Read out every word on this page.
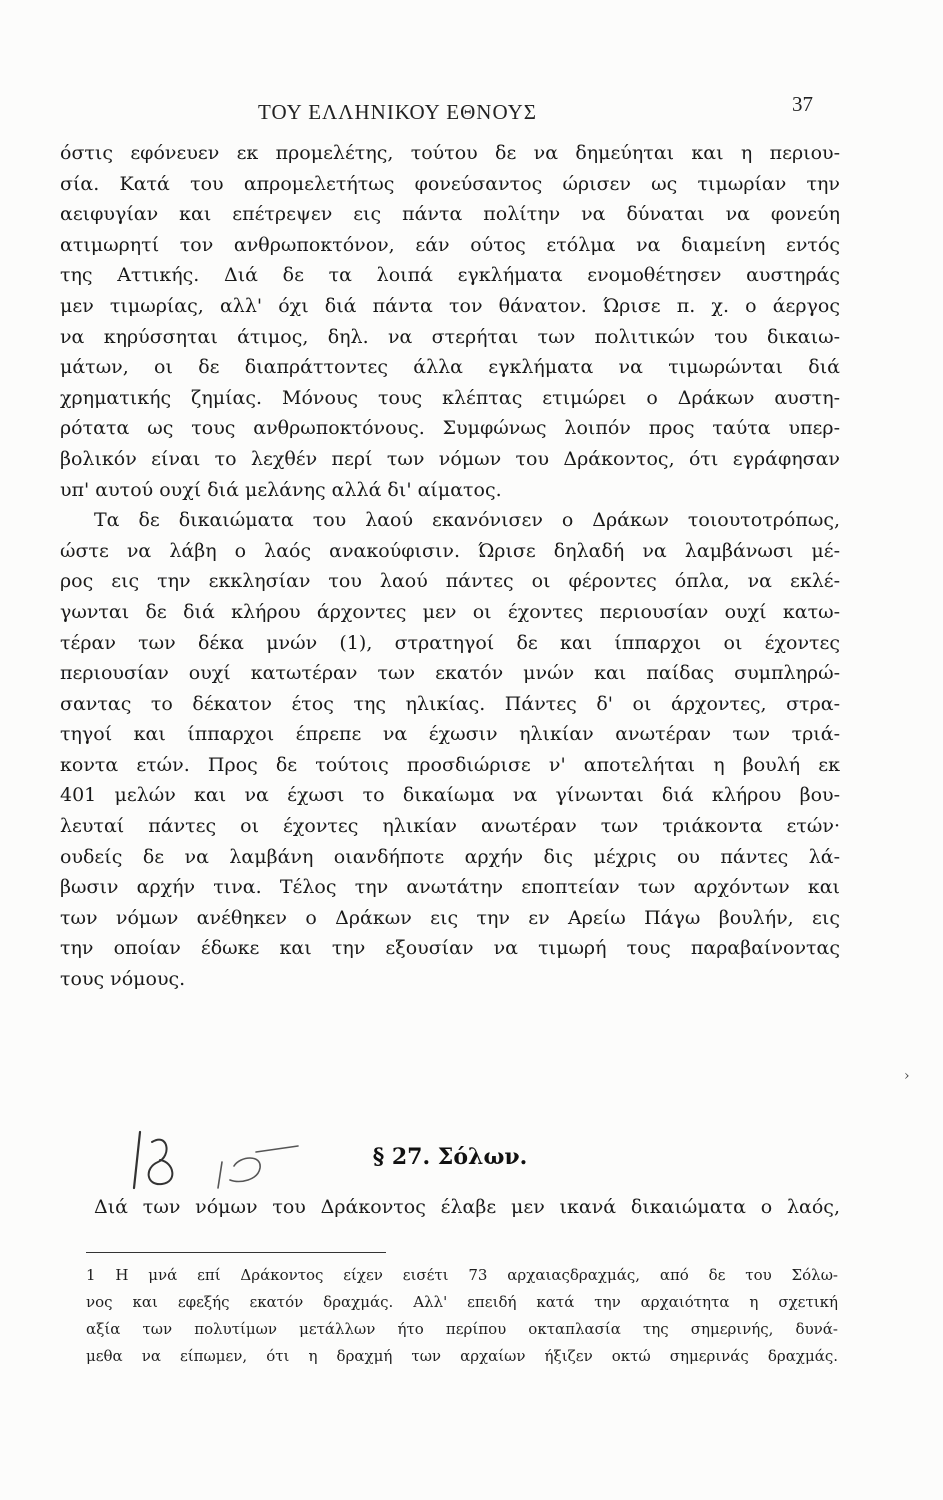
ΤΟΥ ΕΛΛΗΝΙΚΟΥ ΕΘΝΟΥΣ	37
όστις εφόνευεν εκ προμελέτης, τούτου δε να δημεύηται και η περιου-
σία. Κατά του απρομελετήτως φονεύσαντος ώρισεν ως τιμωρίαν την
αειφυγίαν και επέτρεψεν εις πάντα πολίτην να δύναται να φονεύη
ατιμωρητί τον ανθρωποκτόνον, εάν ούτος ετόλμα να διαμείνη εντός
της Αττικής. Διά δε τα λοιπά εγκλήματα ενομοθέτησεν αυστηράς
μεν τιμωρίας, αλλ' όχι διά πάντα τον θάνατον. Ώρισε π. χ. ο άεργος
να κηρύσσηται άτιμος, δηλ. να στερήται των πολιτικών του δικαιω-
μάτων, οι δε διαπράττοντες άλλα εγκλήματα να τιμωρώνται διά
χρηματικής ζημίας. Μόνους τους κλέπτας ετιμώρει ο Δράκων αυστη-
ρότατα ως τους ανθρωποκτόνους. Συμφώνως λοιπόν προς ταύτα υπερ-
βολικόν είναι το λεχθέν περί των νόμων του Δράκοντος, ότι εγράφησαν
υπ' αυτού ουχί διά μελάνης αλλά δι' αίματος.
Τα δε δικαιώματα του λαού εκανόνισεν ο Δράκων τοιουτοτρόπως,
ώστε να λάβη ο λαός ανακούφισιν. Ώρισε δηλαδή να λαμβάνωσι μέ-
ρος εις την εκκλησίαν του λαού πάντες οι φέροντες όπλα, να εκλέ-
γωνται δε διά κλήρου άρχοντες μεν οι έχοντες περιουσίαν ουχί κατω-
τέραν των δέκα μνών (1), στρατηγοί δε και ίππαρχοι οι έχοντες
περιουσίαν ουχί κατωτέραν των εκατόν μνών και παίδας συμπληρώ-
σαντας το δέκατον έτος της ηλικίας. Πάντες δ' οι άρχοντες, στρα-
τηγοί και ίππαρχοι έπρεπε να έχωσιν ηλικίαν ανωτέραν των τριά-
κοντα ετών. Προς δε τούτοις προσδιώρισε ν' αποτελήται η βουλή εκ
401 μελών και να έχωσι το δικαίωμα να γίνωνται διά κλήρου βου-
λευταί πάντες οι έχοντες ηλικίαν ανωτέραν των τριάκοντα ετών·
ουδείς δε να λαμβάνη οιανδήποτε αρχήν δις μέχρις ου πάντες λά-
βωσιν αρχήν τινα. Τέλος την ανωτάτην εποπτείαν των αρχόντων και
των νόμων ανέθηκεν ο Δράκων εις την εν Αρείω Πάγω βουλήν, εις
την οποίαν έδωκε και την εξουσίαν να τιμωρή τους παραβαίνοντας
τους νόμους.
§ 27. Σόλων.
Διά των νόμων του Δράκοντος έλαβε μεν ικανά δικαιώματα ο λαός,
1 Η μνά επί Δράκοντος είχεν εισέτι 73 αρχαιαςδραχμάς, από δε του Σόλω-
νος και εφεξής εκατόν δραχμάς. Αλλ' επειδή κατά την αρχαιότητα η σχετική
αξία των πολυτίμων μετάλλων ήτο περίπου οκταπλασία της σημερινής, δυνά-
μεθα να είπωμεν, ότι η δραχμή των αρχαίων ήξιζεν οκτώ σημερινάς δραχμάς.
›
